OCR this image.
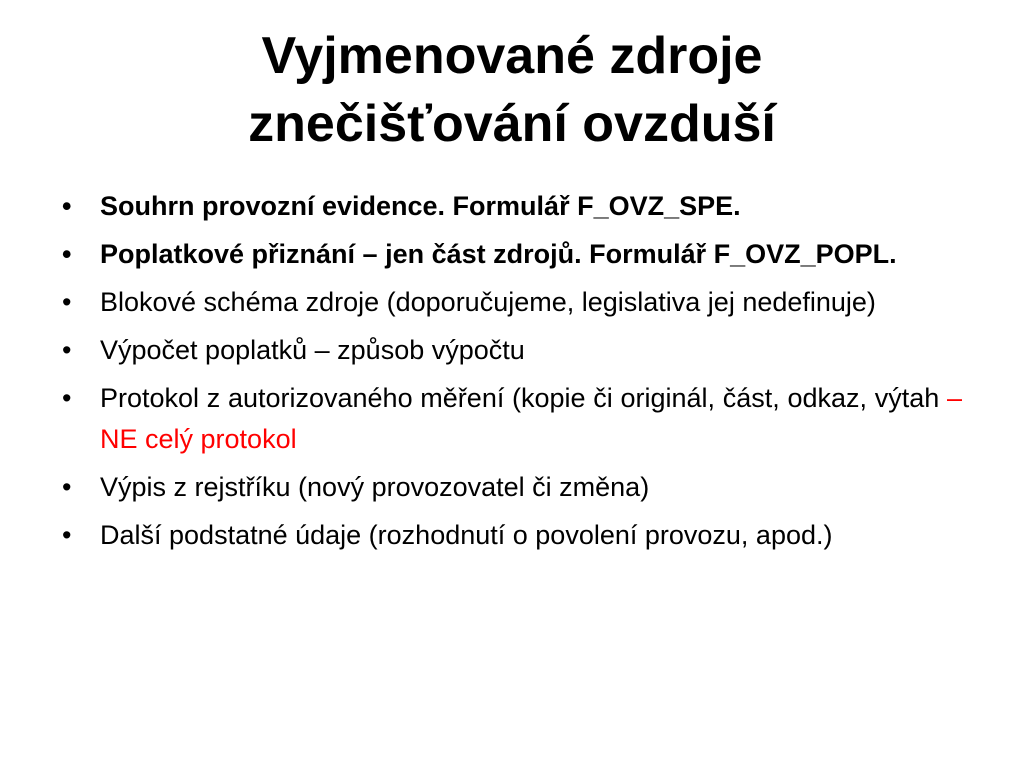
Vyjmenované zdroje
znečišťování ovzduší
•	Souhrn provozní evidence. Formulář F_OVZ_SPE.
•	Poplatkové přiznání – jen část zdrojů. Formulář F_OVZ_POPL.
•	Blokové schéma zdroje (doporučujeme, legislativa jej nedefinuje)
•	Výpočet poplatků – způsob výpočtu
•	Protokol z autorizovaného měření (kopie či originál, část, odkaz, výtah – NE celý protokol
•	Výpis z rejstříku (nový provozovatel či změna)
•	Další podstatné údaje (rozhodnutí o povolení provozu, apod.)
